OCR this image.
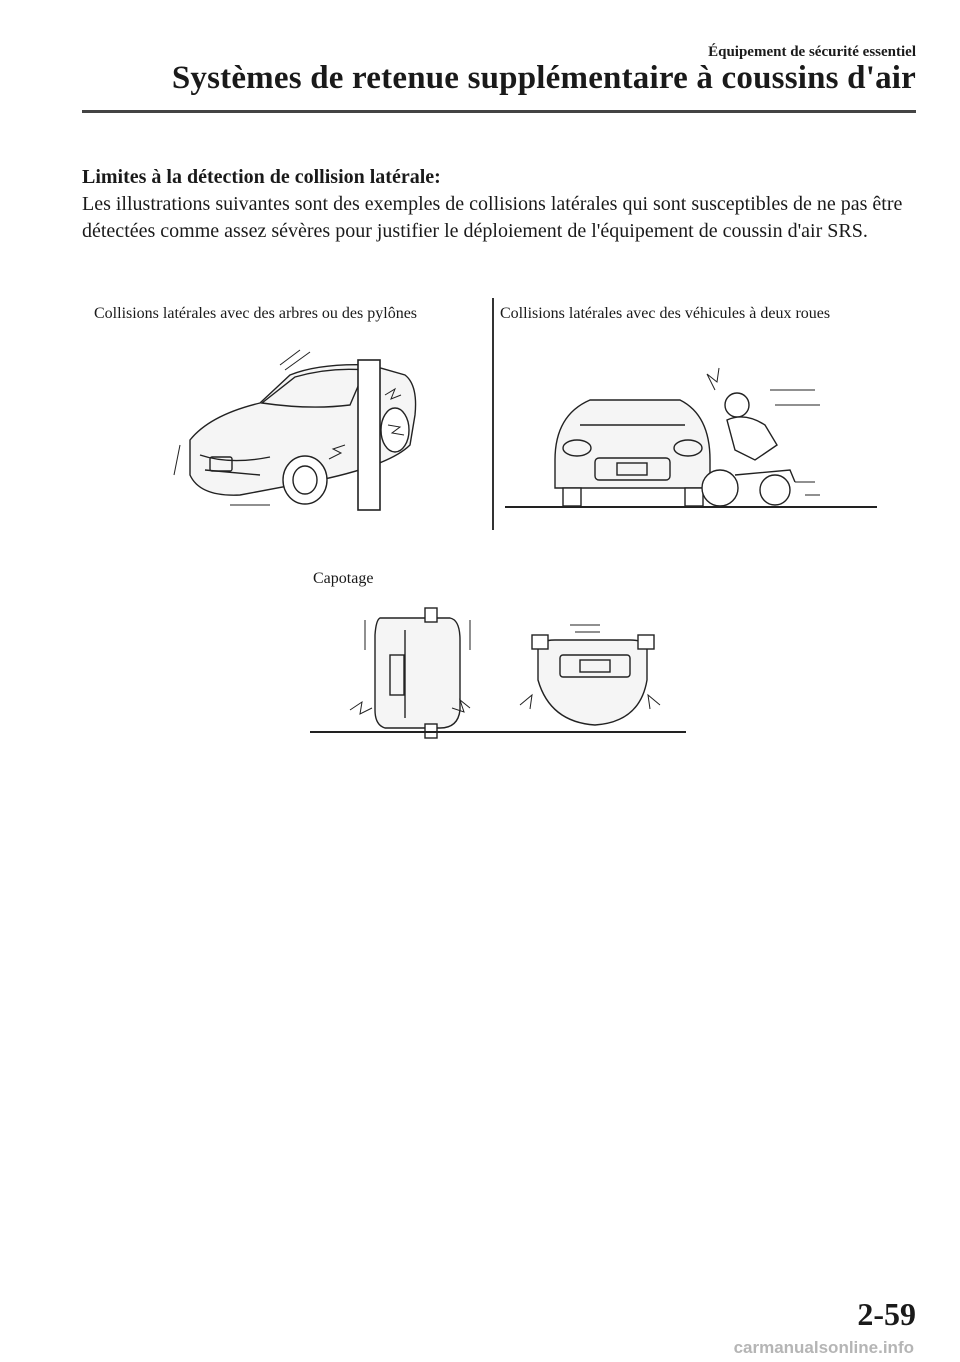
Équipement de sécurité essentiel
Systèmes de retenue supplémentaire à coussins d'air
Limites à la détection de collision latérale:

Les illustrations suivantes sont des exemples de collisions latérales qui sont susceptibles de ne pas être détectées comme assez sévères pour justifier le déploiement de l'équipement de coussin d'air SRS.

Collisions latérales avec des arbres ou des pylônes	Collisions latérales avec des véhicules à deux roues
Capotage
2-59
carmanualsonline.info
